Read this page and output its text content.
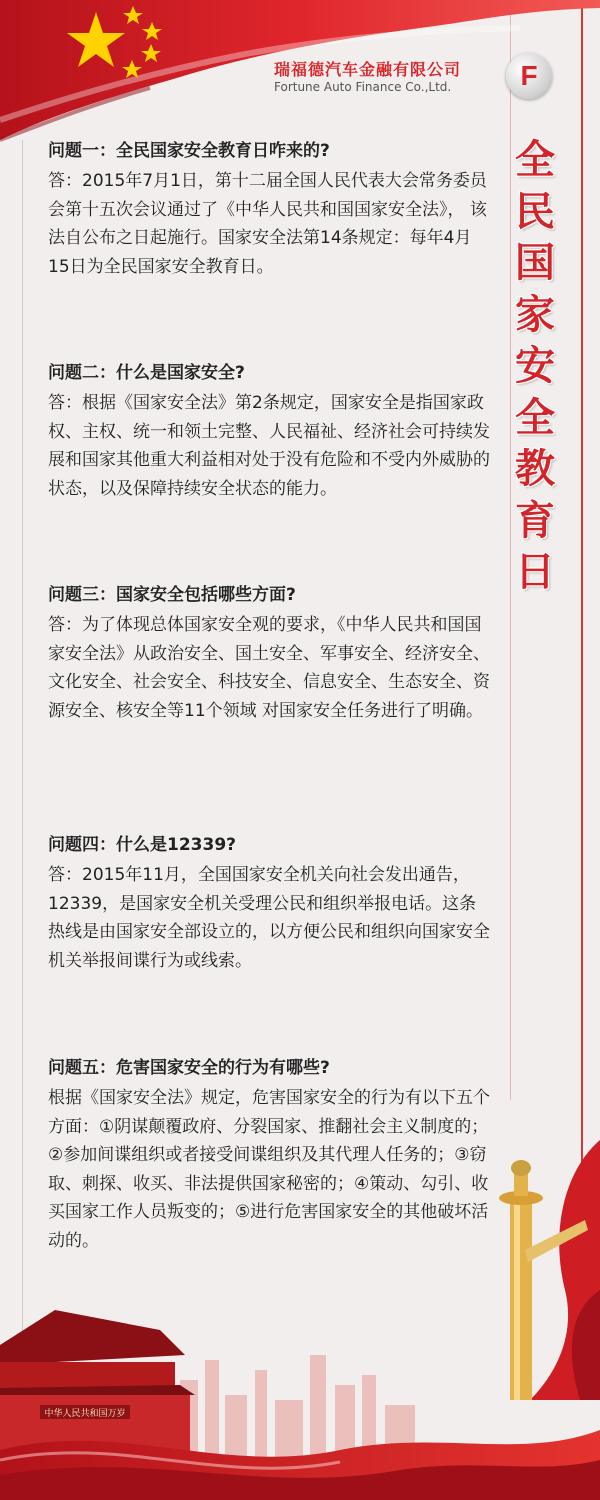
瑞福德汽车金融有限公司
Fortune Auto Finance Co.,Ltd.	F
全
民
国
家
安
全
教
育
日

问题一：全民国家安全教育日咋来的?

答：2015年7月1日，第十二届全国人民代表大会常务委员会第十五次会议通过了《中华人民共和国国家安全法》， 该法自公布之日起施行。国家安全法第14条规定：每年4月15日为全民国家安全教育日。

问题二：什么是国家安全?

答：根据《国家安全法》第2条规定，国家安全是指国家政权、主权、统一和领土完整、人民福祉、经济社会可持续发展和国家其他重大利益相对处于没有危险和不受内外威胁的状态，以及保障持续安全状态的能力。

问题三：国家安全包括哪些方面?

答：为了体现总体国家安全观的要求，《中华人民共和国国家安全法》从政治安全、国土安全、军事安全、经济安全、文化安全、社会安全、科技安全、信息安全、生态安全、资源安全、核安全等11个领域 对国家安全任务进行了明确。

问题四：什么是12339?

答：2015年11月，全国国家安全机关向社会发出通告，12339，是国家安全机关受理公民和组织举报电话。这条热线是由国家安全部设立的，以方便公民和组织向国家安全机关举报间谍行为或线索。

问题五：危害国家安全的行为有哪些?

根据《国家安全法》规定，危害国家安全的行为有以下五个方面：①阴谋颠覆政府、分裂国家、推翻社会主义制度的；②参加间谍组织或者接受间谍组织及其代理人任务的；③窃取、刺探、收买、非法提供国家秘密的；④策动、勾引、收买国家工作人员叛变的；⑤进行危害国家安全的其他破坏活动的。

中华人民共和国万岁
